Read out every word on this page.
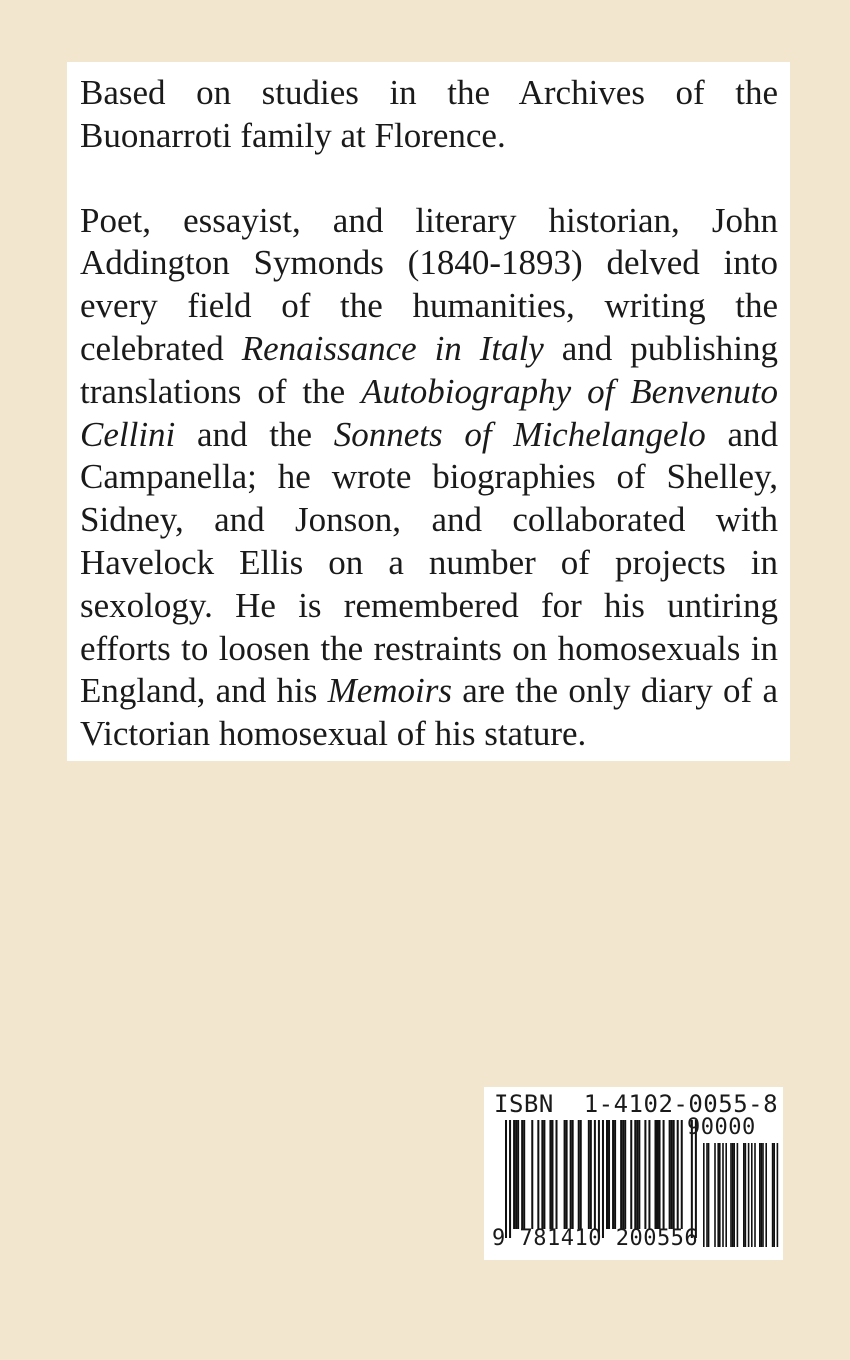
Based on studies in the Archives of the Buonarroti family at Florence.

Poet, essayist, and literary historian, John Addington Symonds (1840-1893) delved into every field of the humanities, writing the celebrated Renaissance in Italy and publishing translations of the Autobiography of Benvenuto Cellini and the Sonnets of Michelangelo and Campanella; he wrote biographies of Shelley, Sidney, and Jonson, and collaborated with Havelock Ellis on a number of projects in sexology. He is remembered for his untiring efforts to loosen the restraints on homosexuals in England, and his Memoirs are the only diary of a Victorian homosexual of his stature.

ISBN  1-4102-0055-8
90000
9 781410 200556
